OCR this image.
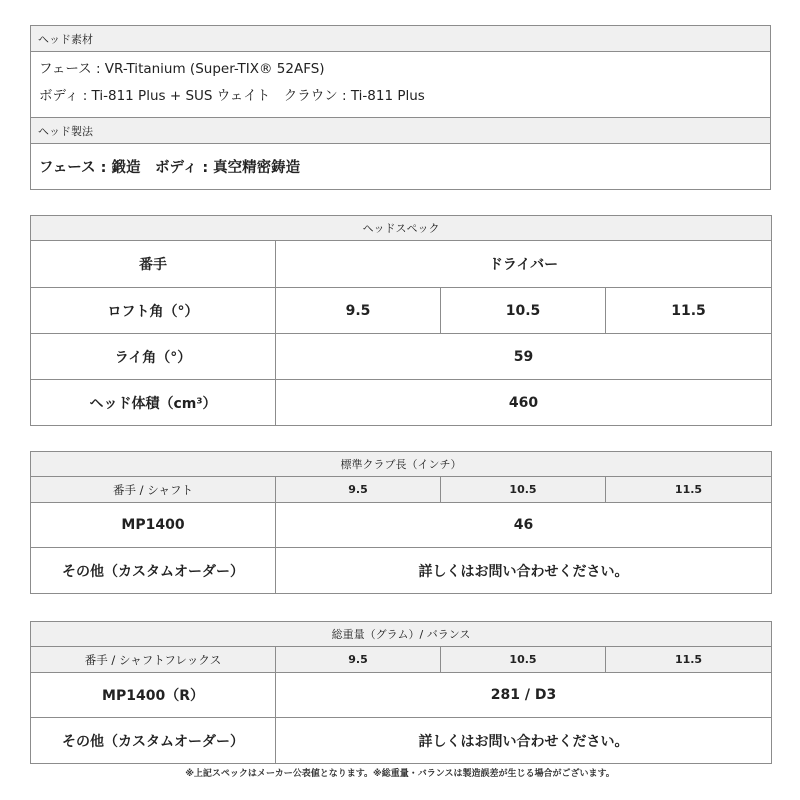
ヘッド素材
フェース : VR-Titanium (Super-TIX® 52AFS)
ボディ : Ti-811 Plus + SUS ウェイト　クラウン : Ti-811 Plus
ヘッド製法
フェース : 鍛造　ボディ : 真空精密鋳造
ヘッドスペック			
番手	ドライバー		
ロフト角（°）	9.5	10.5	11.5
ライ角（°）	59		
ヘッド体積（cm³）	460		
標準クラブ長（インチ）			
番手 / シャフト	9.5	10.5	11.5
MP1400	46		
その他（カスタムオーダー）	詳しくはお問い合わせください。		
総重量（グラム）/ バランス			
番手 / シャフトフレックス	9.5	10.5	11.5
MP1400（R）	281 / D3		
その他（カスタムオーダー）	詳しくはお問い合わせください。		
※上記スペックはメーカー公表値となります。※総重量・バランスは製造誤差が生じる場合がございます。
